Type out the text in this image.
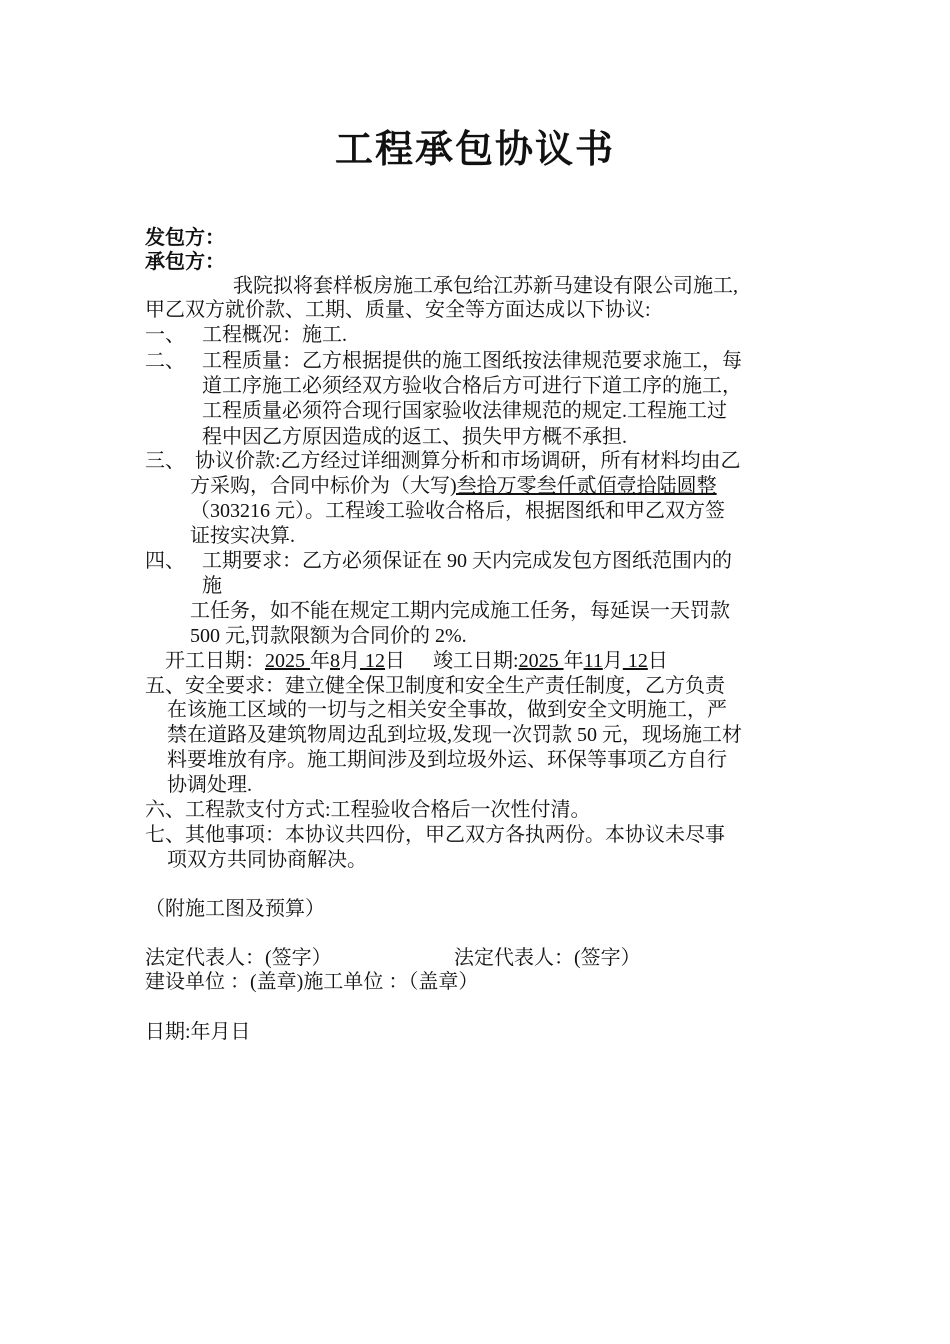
工程承包协议书
发包方：
承包方：
我院拟将套样板房施工承包给江苏新马建设有限公司施工,
甲乙双方就价款、工期、质量、安全等方面达成以下协议:
一、 工程概况：施工.
二、 工程质量：乙方根据提供的施工图纸按法律规范要求施工，每
道工序施工必须经双方验收合格后方可进行下道工序的施工，
工程质量必须符合现行国家验收法律规范的规定.工程施工过
程中因乙方原因造成的返工、损失甲方概不承担.
三、 协议价款:乙方经过详细测算分析和市场调研，所有材料均由乙
方采购，合同中标价为（大写)叁拾万零叁仟贰佰壹拾陆圆整
（303216 元）。工程竣工验收合格后，根据图纸和甲乙双方签
证按实决算.
四、 工期要求：乙方必须保证在 90 天内完成发包方图纸范围内的
施
工任务，如不能在规定工期内完成施工任务，每延误一天罚款
500 元,罚款限额为合同价的 2%.
开工日期：2025 年8月 12日 竣工日期:2025 年11月 12日
五、安全要求：建立健全保卫制度和安全生产责任制度，乙方负责
在该施工区域的一切与之相关安全事故，做到安全文明施工，严
禁在道路及建筑物周边乱到垃圾,发现一次罚款 50 元，现场施工材
料要堆放有序。施工期间涉及到垃圾外运、环保等事项乙方自行
协调处理.
六、工程款支付方式:工程验收合格后一次性付清。
七、其他事项：本协议共四份，甲乙双方各执两份。本协议未尽事
项双方共同协商解决。
（附施工图及预算）
法定代表人：(签字）	法定代表人：(签字）
建设单位 ：(盖章)施工单位 ：（盖章）
日期:年月日
